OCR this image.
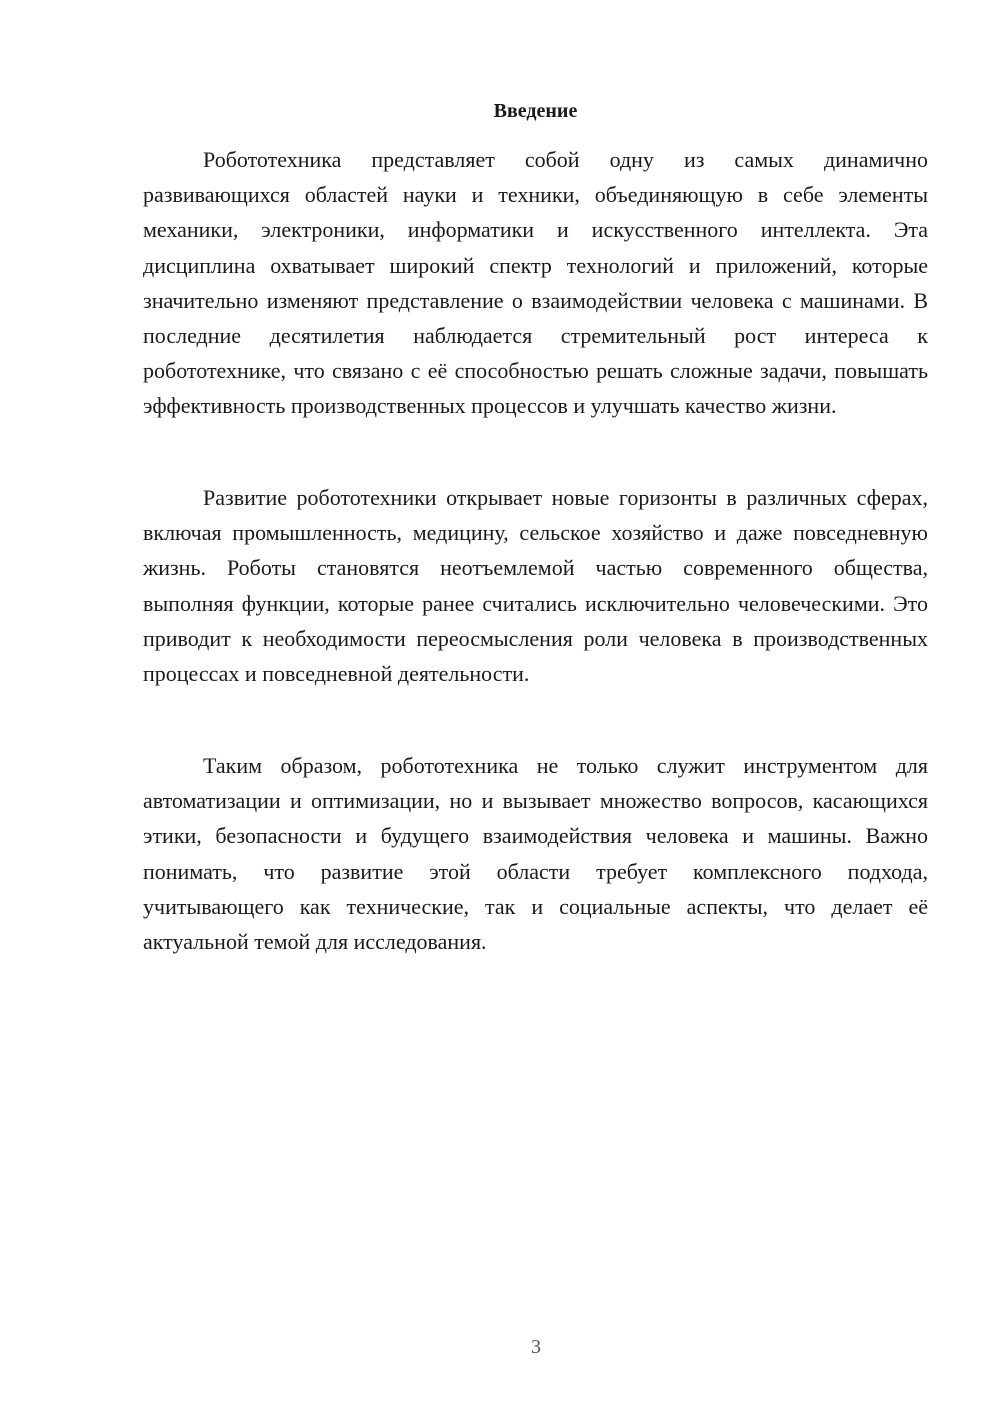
Введение

Робототехника представляет собой одну из самых динамично развивающихся областей науки и техники, объединяющую в себе элементы механики, электроники, информатики и искусственного интеллекта. Эта дисциплина охватывает широкий спектр технологий и приложений, которые значительно изменяют представление о взаимодействии человека с машинами. В последние десятилетия наблюдается стремительный рост интереса к робототехнике, что связано с её способностью решать сложные задачи, повышать эффективность производственных процессов и улучшать качество жизни.

Развитие робототехники открывает новые горизонты в различных сферах, включая промышленность, медицину, сельское хозяйство и даже повседневную жизнь. Роботы становятся неотъемлемой частью современного общества, выполняя функции, которые ранее считались исключительно человеческими. Это приводит к необходимости переосмысления роли человека в производственных процессах и повседневной деятельности.

Таким образом, робототехника не только служит инструментом для автоматизации и оптимизации, но и вызывает множество вопросов, касающихся этики, безопасности и будущего взаимодействия человека и машины. Важно понимать, что развитие этой области требует комплексного подхода, учитывающего как технические, так и социальные аспекты, что делает её актуальной темой для исследования.

3
